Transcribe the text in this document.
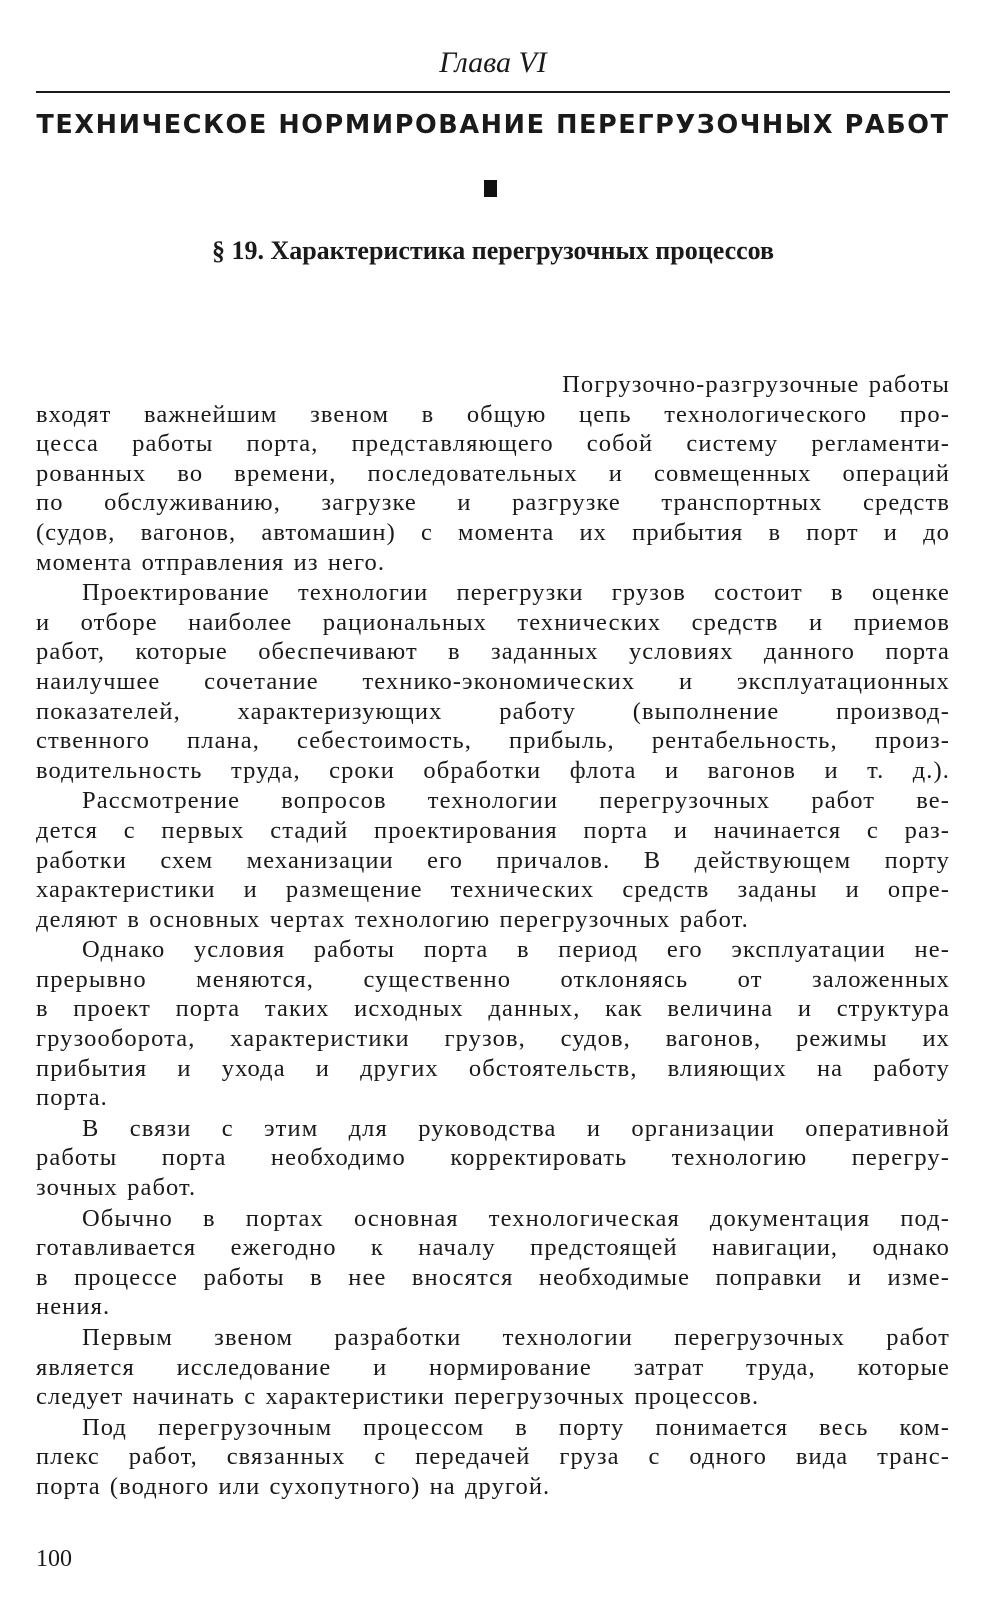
Глава VI
ТЕХНИЧЕСКОЕ НОРМИРОВАНИЕ ПЕРЕГРУЗОЧНЫХ РАБОТ
§ 19. Характеристика перегрузочных процессов
Погрузочно-разгрузочные работы
входят важнейшим звеном в общую цепь технологического про-
цесса работы порта, представляющего собой систему регламенти-
рованных во времени, последовательных и совмещенных операций
по обслуживанию, загрузке и разгрузке транспортных средств
(судов, вагонов, автомашин) с момента их прибытия в порт и до
момента отправления из него.
Проектирование технологии перегрузки грузов состоит в оценке
и отборе наиболее рациональных технических средств и приемов
работ, которые обеспечивают в заданных условиях данного порта
наилучшее сочетание технико-экономических и эксплуатационных
показателей, характеризующих работу (выполнение производ-
ственного плана, себестоимость, прибыль, рентабельность, произ-
водительность труда, сроки обработки флота и вагонов и т. д.).
Рассмотрение вопросов технологии перегрузочных работ ве-
дется с первых стадий проектирования порта и начинается с раз-
работки схем механизации его причалов. В действующем порту
характеристики и размещение технических средств заданы и опре-
деляют в основных чертах технологию перегрузочных работ.
Однако условия работы порта в период его эксплуатации не-
прерывно меняются, существенно отклоняясь от заложенных
в проект порта таких исходных данных, как величина и структура
грузооборота, характеристики грузов, судов, вагонов, режимы их
прибытия и ухода и других обстоятельств, влияющих на работу
порта.
В связи с этим для руководства и организации оперативной
работы порта необходимо корректировать технологию перегру-
зочных работ.
Обычно в портах основная технологическая документация под-
готавливается ежегодно к началу предстоящей навигации, однако
в процессе работы в нее вносятся необходимые поправки и изме-
нения.
Первым звеном разработки технологии перегрузочных работ
является исследование и нормирование затрат труда, которые
следует начинать с характеристики перегрузочных процессов.
Под перегрузочным процессом в порту понимается весь ком-
плекс работ, связанных с передачей груза с одного вида транс-
порта (водного или сухопутного) на другой.
100
